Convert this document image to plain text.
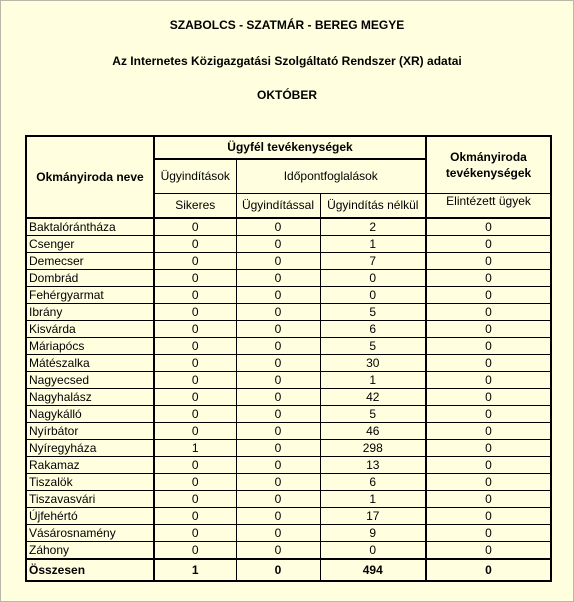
SZABOLCS - SZATMÁR - BEREG MEGYE
Az Internetes Közigazgatási Szolgáltató Rendszer (XR) adatai
OKTÓBER
Okmányiroda neve	Ügyfél tevékenységek			Okmányiroda tevékenységek
	Ügyindítások	Időpontfoglalások		
	Sikeres	Ügyindítással	Ügyindítás nélkül	Elintézett ügyek
Baktalórántháza	0	0	2	0
Csenger	0	0	1	0
Demecser	0	0	7	0
Dombrád	0	0	0	0
Fehérgyarmat	0	0	0	0
Ibrány	0	0	5	0
Kisvárda	0	0	6	0
Máriapócs	0	0	5	0
Mátészalka	0	0	30	0
Nagyecsed	0	0	1	0
Nagyhalász	0	0	42	0
Nagykálló	0	0	5	0
Nyírbátor	0	0	46	0
Nyíregyháza	1	0	298	0
Rakamaz	0	0	13	0
Tiszalök	0	0	6	0
Tiszavasvári	0	0	1	0
Újfehértó	0	0	17	0
Vásárosnamény	0	0	9	0
Záhony	0	0	0	0
Összesen	1	0	494	0
